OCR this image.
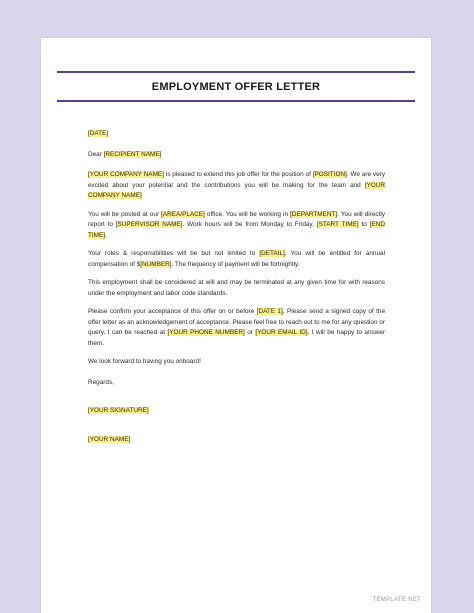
EMPLOYMENT OFFER LETTER

[DATE]

Dear [RECIPIENT NAME]

[YOUR COMPANY NAME] is pleased to extend this job offer for the position of [POSITION]. We are very excited about your potential and the contributions you will be making for the team and [YOUR COMPANY NAME]

You will be posted at our [AREA/PLACE] office. You will be working in [DEPARTMENT]. You will directly report to [SUPERVISOR NAME]. Work hours will be from Monday to Friday, [START TIME] to [END TIME].

Your roles & responsibilities will be but not limited to [DETAIL]. You will be entitled for annual compensation of $[NUMBER]. The frequency of payment will be fortnightly.

This employment shall be considered at will and may be terminated at any given time for with reasons under the employment and labor code standards.

Please confirm your acceptance of this offer on or before [DATE 1]. Please send a signed copy of the offer letter as an acknowledgement of acceptance. Please feel free to reach out to me for any question or query. I can be reached at [YOUR PHONE NUMBER] or [YOUR EMAIL ID]. I will be happy to answer them.

We look forward to having you onboard!

Regards,

[YOUR SIGNATURE]

[YOUR NAME]

TEMPLATE.NET
